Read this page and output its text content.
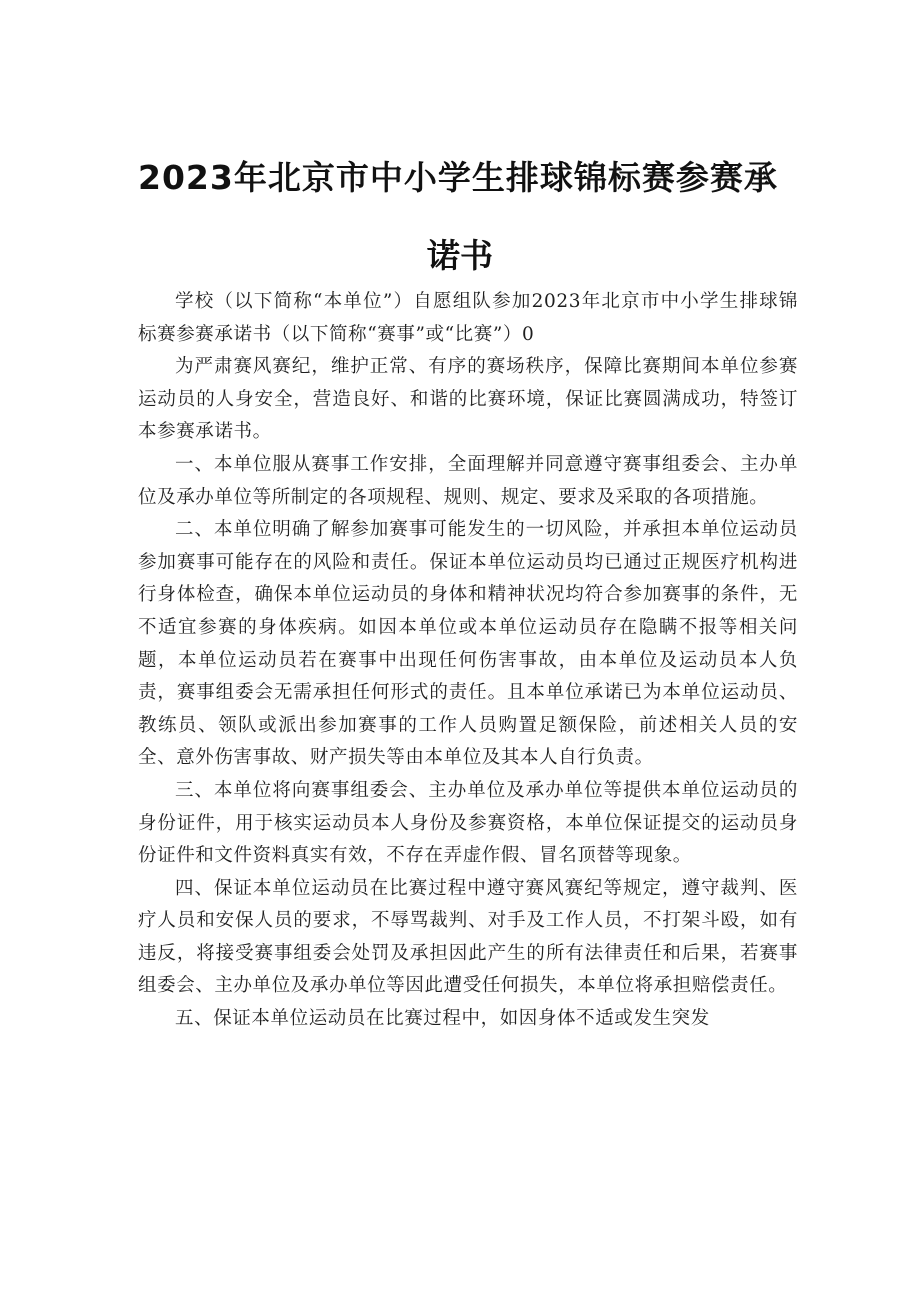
2023年北京市中小学生排球锦标赛参赛承
诺书

学校（以下简称“本单位”）自愿组队参加2023年北京市中小学生排球锦标赛参赛承诺书（以下简称“赛事”或“比赛”）0

为严肃赛风赛纪，维护正常、有序的赛场秩序，保障比赛期间本单位参赛运动员的人身安全，营造良好、和谐的比赛环境，保证比赛圆满成功，特签订本参赛承诺书。

一、本单位服从赛事工作安排，全面理解并同意遵守赛事组委会、主办单位及承办单位等所制定的各项规程、规则、规定、要求及采取的各项措施。

二、本单位明确了解参加赛事可能发生的一切风险，并承担本单位运动员参加赛事可能存在的风险和责任。保证本单位运动员均已通过正规医疗机构进行身体检查，确保本单位运动员的身体和精神状况均符合参加赛事的条件，无不适宜参赛的身体疾病。如因本单位或本单位运动员存在隐瞒不报等相关问题，本单位运动员若在赛事中出现任何伤害事故，由本单位及运动员本人负责，赛事组委会无需承担任何形式的责任。且本单位承诺已为本单位运动员、教练员、领队或派出参加赛事的工作人员购置足额保险，前述相关人员的安全、意外伤害事故、财产损失等由本单位及其本人自行负责。

三、本单位将向赛事组委会、主办单位及承办单位等提供本单位运动员的身份证件，用于核实运动员本人身份及参赛资格，本单位保证提交的运动员身份证件和文件资料真实有效，不存在弄虚作假、冒名顶替等现象。

四、保证本单位运动员在比赛过程中遵守赛风赛纪等规定，遵守裁判、医疗人员和安保人员的要求，不辱骂裁判、对手及工作人员，不打架斗殴，如有违反，将接受赛事组委会处罚及承担因此产生的所有法律责任和后果，若赛事组委会、主办单位及承办单位等因此遭受任何损失，本单位将承担赔偿责任。

五、保证本单位运动员在比赛过程中，如因身体不适或发生突发
